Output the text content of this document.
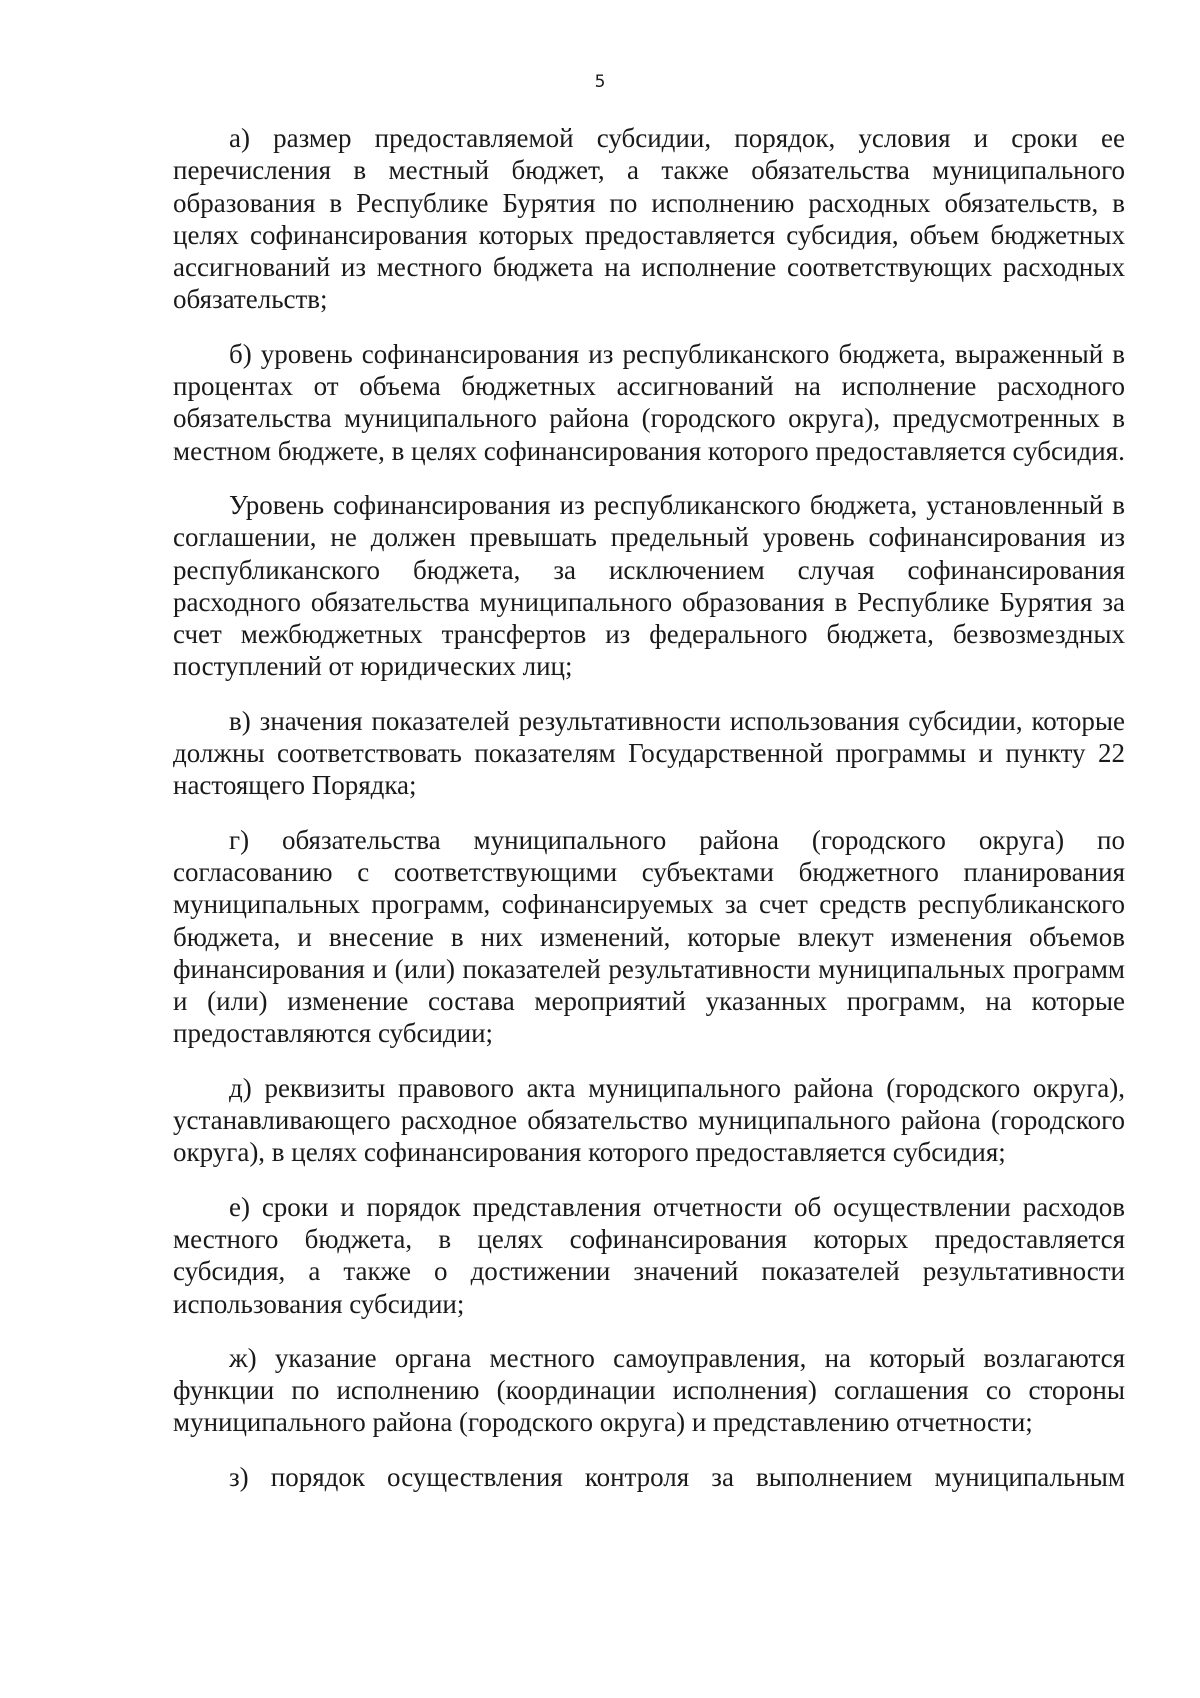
5

а) размер предоставляемой субсидии, порядок, условия и сроки ее перечисления в местный бюджет, а также обязательства муниципального образования в Республике Бурятия по исполнению расходных обязательств, в целях софинансирования которых предоставляется субсидия, объем бюджетных ассигнований из местного бюджета на исполнение соответствующих расходных обязательств;

б) уровень софинансирования из республиканского бюджета, выраженный в процентах от объема бюджетных ассигнований на исполнение расходного обязательства муниципального района (городского округа), предусмотренных в местном бюджете, в целях софинансирования которого предоставляется субсидия.

Уровень софинансирования из республиканского бюджета, установленный в соглашении, не должен превышать предельный уровень софинансирования из республиканского бюджета, за исключением случая софинансирования расходного обязательства муниципального образования в Республике Бурятия за счет межбюджетных трансфертов из федерального бюджета, безвозмездных поступлений от юридических лиц;

в) значения показателей результативности использования субсидии, которые должны соответствовать показателям Государственной программы и пункту 22 настоящего Порядка;

г) обязательства муниципального района (городского округа) по согласованию с соответствующими субъектами бюджетного планирования муниципальных программ, софинансируемых за счет средств республиканского бюджета, и внесение в них изменений, которые влекут изменения объемов финансирования и (или) показателей результативности муниципальных программ и (или) изменение состава мероприятий указанных программ, на которые предоставляются субсидии;

д) реквизиты правового акта муниципального района (городского округа), устанавливающего расходное обязательство муниципального района (городского округа), в целях софинансирования которого предоставляется субсидия;

е) сроки и порядок представления отчетности об осуществлении расходов местного бюджета, в целях софинансирования которых предоставляется субсидия, а также о достижении значений показателей результативности использования субсидии;

ж) указание органа местного самоуправления, на который возлагаются функции по исполнению (координации исполнения) соглашения со стороны муниципального района (городского округа) и представлению отчетности;

з) порядок осуществления контроля за выполнением муниципальным
